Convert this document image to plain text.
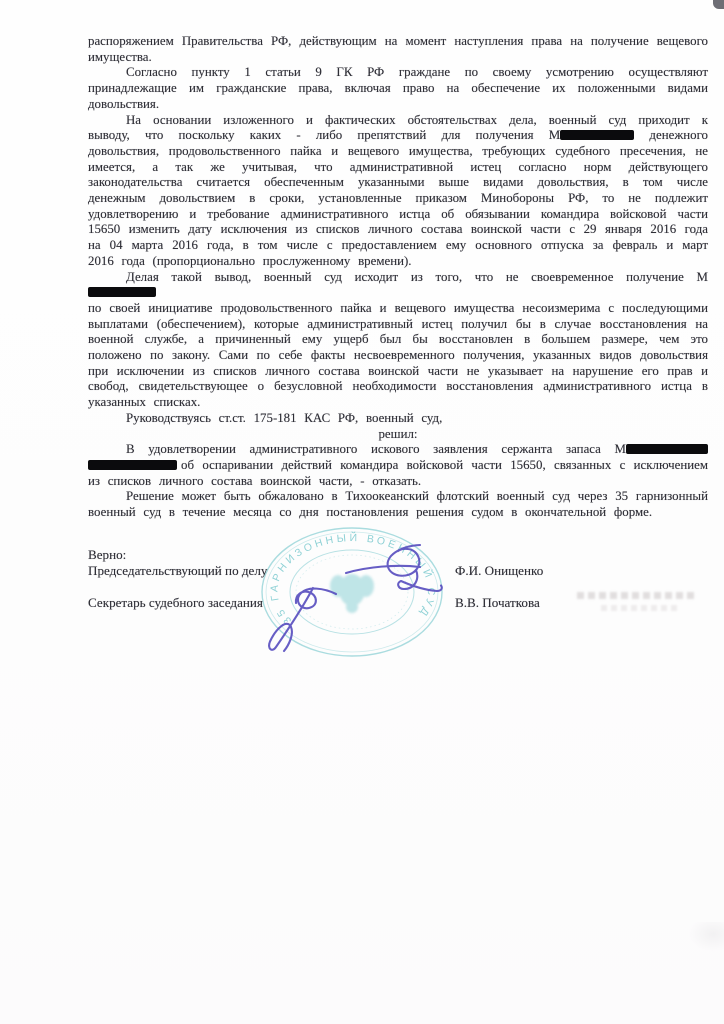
распоряжением Правительства РФ, действующим на момент наступления права на получение вещевого имущества.

Согласно пункту 1 статьи 9 ГК РФ граждане по своему усмотрению осуществляют принадлежащие им гражданские права, включая право на обеспечение их положенными видами довольствия.

На основании изложенного и фактических обстоятельствах дела, военный суд приходит к выводу, что поскольку каких - либо препятствий для получения М	денежного довольствия, продовольственного пайка и вещевого имущества, требующих судебного пресечения, не имеется, а так же учитывая, что административной истец согласно норм действующего законодательства считается обеспеченным указанными выше видами довольствия, в том числе денежным довольствием в сроки, установленные приказом Минобороны РФ, то не подлежит удовлетворению и требование административного истца об обязывании командира войсковой части 15650 изменить дату исключения из списков личного состава воинской части с 29 января 2016 года на 04 марта 2016 года, в том числе с предоставлением ему основного отпуска за февраль и март 2016 года (пропорционально прослуженному времени).

Делая такой вывод, военный суд исходит из того, что не своевременное получение М
по своей инициативе продовольственного пайка и вещевого имущества несоизмерима с последующими выплатами (обеспечением), которые административный истец получил бы в случае восстановления на военной службе, а причиненный ему ущерб был бы восстановлен в большем размере, чем это положено по закону. Сами по себе факты несвоевременного получения, указанных видов довольствия при исключении из списков личного состава воинской части не указывает на нарушение его прав и свобод, свидетельствующее о безусловной необходимости восстановления административного истца в указанных списках.

Руководствуясь ст.ст. 175-181 КАС РФ, военный суд,

решил:

В удовлетворении административного искового заявления сержанта запаса М
об оспаривании действий командира войсковой части 15650, связанных с исключением из списков личного состава воинской части, - отказать.

Решение может быть обжаловано в Тихоокеанский флотский военный суд через 35 гарнизонный военный суд в течение месяца со дня постановления решения судом в окончательной форме.

35 ГАРНИЗОННЫЙ ВОЕННЫЙ СУД
Верно:
Председательствующий по делу	Ф.И. Онищенко
Секретарь судебного заседания	В.В. Початкова
